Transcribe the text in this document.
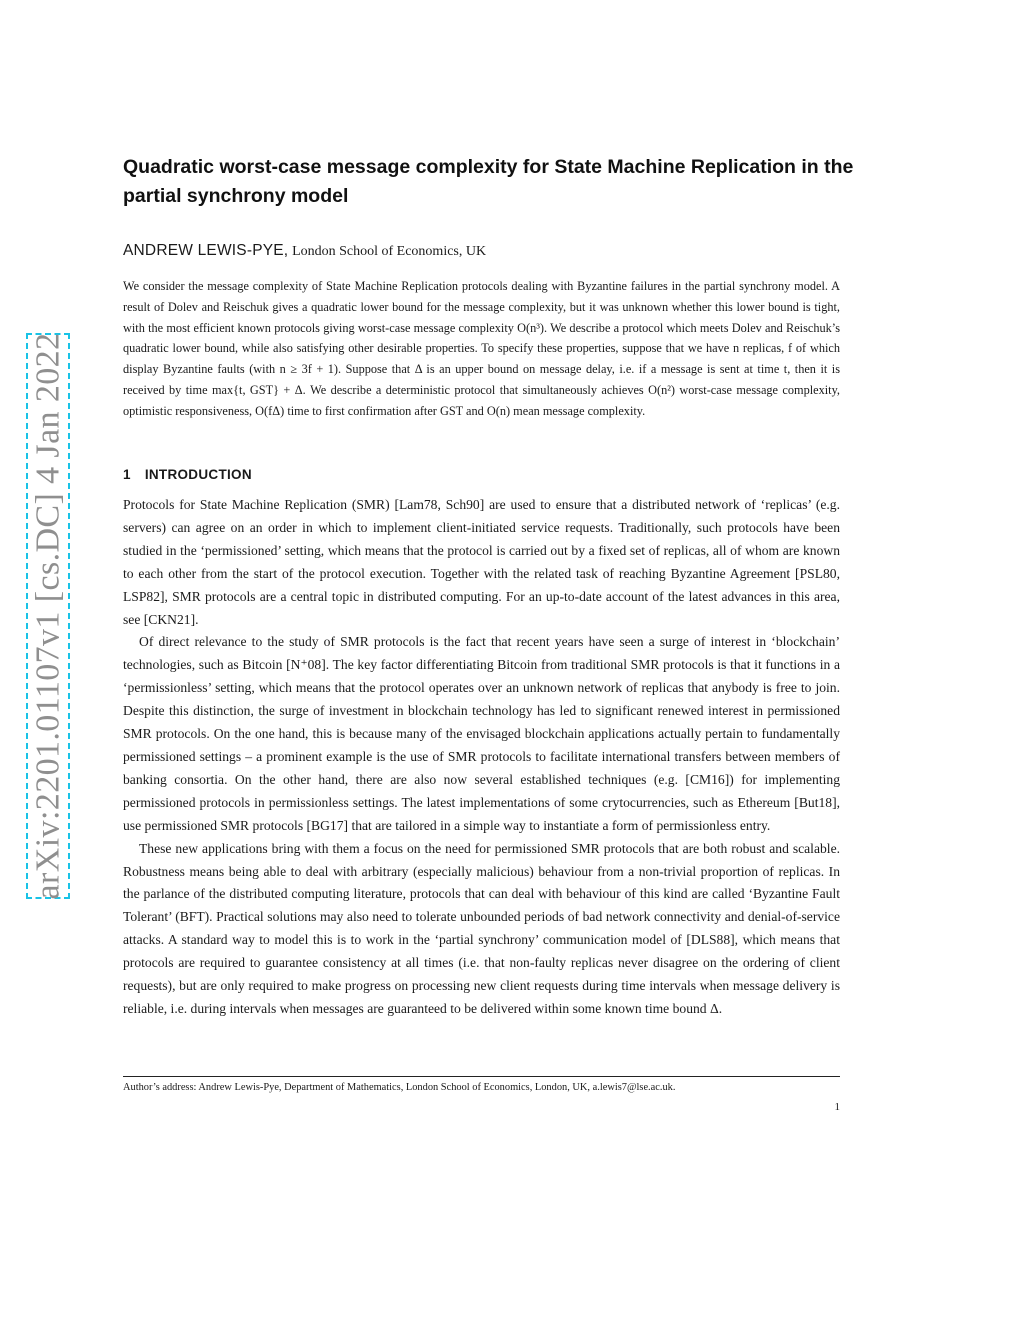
arXiv:2201.01107v1 [cs.DC] 4 Jan 2022
Quadratic worst-case message complexity for State Machine Replication in the partial synchrony model
ANDREW LEWIS-PYE, London School of Economics, UK

We consider the message complexity of State Machine Replication protocols dealing with Byzantine failures in the partial synchrony model. A result of Dolev and Reischuk gives a quadratic lower bound for the message complexity, but it was unknown whether this lower bound is tight, with the most efficient known protocols giving worst-case message complexity O(n³). We describe a protocol which meets Dolev and Reischuk’s quadratic lower bound, while also satisfying other desirable properties. To specify these properties, suppose that we have n replicas, f of which display Byzantine faults (with n ≥ 3f + 1). Suppose that Δ is an upper bound on message delay, i.e. if a message is sent at time t, then it is received by time max{t, GST} + Δ. We describe a deterministic protocol that simultaneously achieves O(n²) worst-case message complexity, optimistic responsiveness, O(fΔ) time to first confirmation after GST and O(n) mean message complexity.

1 INTRODUCTION

Protocols for State Machine Replication (SMR) [Lam78, Sch90] are used to ensure that a distributed network of ‘replicas’ (e.g. servers) can agree on an order in which to implement client-initiated service requests. Traditionally, such protocols have been studied in the ‘permissioned’ setting, which means that the protocol is carried out by a fixed set of replicas, all of whom are known to each other from the start of the protocol execution. Together with the related task of reaching Byzantine Agreement [PSL80, LSP82], SMR protocols are a central topic in distributed computing. For an up-to-date account of the latest advances in this area, see [CKN21].

Of direct relevance to the study of SMR protocols is the fact that recent years have seen a surge of interest in ‘blockchain’ technologies, such as Bitcoin [N⁺08]. The key factor differentiating Bitcoin from traditional SMR protocols is that it functions in a ‘permissionless’ setting, which means that the protocol operates over an unknown network of replicas that anybody is free to join. Despite this distinction, the surge of investment in blockchain technology has led to significant renewed interest in permissioned SMR protocols. On the one hand, this is because many of the envisaged blockchain applications actually pertain to fundamentally permissioned settings – a prominent example is the use of SMR protocols to facilitate international transfers between members of banking consortia. On the other hand, there are also now several established techniques (e.g. [CM16]) for implementing permissioned protocols in permissionless settings. The latest implementations of some crytocurrencies, such as Ethereum [But18], use permissioned SMR protocols [BG17] that are tailored in a simple way to instantiate a form of permissionless entry.

These new applications bring with them a focus on the need for permissioned SMR protocols that are both robust and scalable. Robustness means being able to deal with arbitrary (especially malicious) behaviour from a non-trivial proportion of replicas. In the parlance of the distributed computing literature, protocols that can deal with behaviour of this kind are called ‘Byzantine Fault Tolerant’ (BFT). Practical solutions may also need to tolerate unbounded periods of bad network connectivity and denial-of-service attacks. A standard way to model this is to work in the ‘partial synchrony’ communication model of [DLS88], which means that protocols are required to guarantee consistency at all times (i.e. that non-faulty replicas never disagree on the ordering of client requests), but are only required to make progress on processing new client requests during time intervals when message delivery is reliable, i.e. during intervals when messages are guaranteed to be delivered within some known time bound Δ.

Author’s address: Andrew Lewis-Pye, Department of Mathematics, London School of Economics, London, UK, a.lewis7@lse.ac.uk.

1
